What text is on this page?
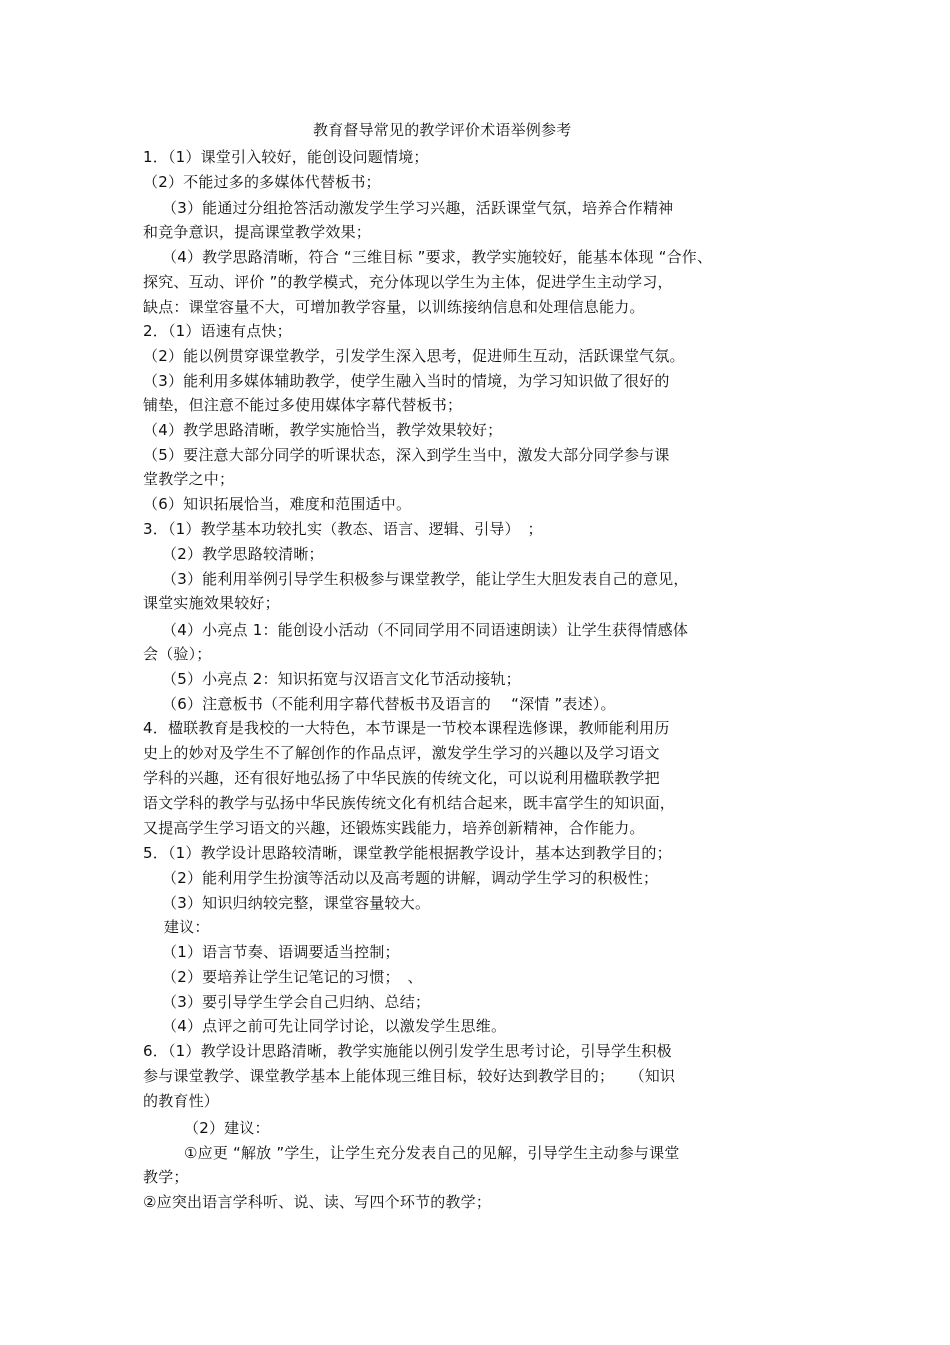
教育督导常见的教学评价术语举例参考

1．（1）课堂引入较好，能创设问题情境；

（2）不能过多的多媒体代替板书；

（3）能通过分组抢答活动激发学生学习兴趣，活跃课堂气氛，培养合作精神

和竞争意识，提高课堂教学效果；

（4）教学思路清晰，符合 “三维目标 ”要求，教学实施较好，能基本体现 “合作、

探究、互动、评价 ”的教学模式，充分体现以学生为主体，促进学生主动学习，

缺点：课堂容量不大，可增加教学容量，以训练接纳信息和处理信息能力。

2．（1）语速有点快；

（2）能以例贯穿课堂教学，引发学生深入思考，促进师生互动，活跃课堂气氛。

（3）能利用多媒体辅助教学，使学生融入当时的情境，为学习知识做了很好的

铺垫，但注意不能过多使用媒体字幕代替板书；

（4）教学思路清晰，教学实施恰当，教学效果较好；

（5）要注意大部分同学的听课状态，深入到学生当中，激发大部分同学参与课

堂教学之中；

（6）知识拓展恰当，难度和范围适中。

3．（1）教学基本功较扎实（教态、语言、逻辑、引导）　；

（2）教学思路较清晰；

（3）能利用举例引导学生积极参与课堂教学，能让学生大胆发表自己的意见，

课堂实施效果较好；

（4）小亮点 1：能创设小活动（不同同学用不同语速朗读）让学生获得情感体

会（验）；

（5）小亮点 2：知识拓宽与汉语言文化节活动接轨；

（6）注意板书（不能利用字幕代替板书及语言的　 “深情 ”表述）。

4．楹联教育是我校的一大特色，本节课是一节校本课程选修课，教师能利用历

史上的妙对及学生不了解创作的作品点评，激发学生学习的兴趣以及学习语文

学科的兴趣，还有很好地弘扬了中华民族的传统文化，可以说利用楹联教学把

语文学科的教学与弘扬中华民族传统文化有机结合起来，既丰富学生的知识面，

又提高学生学习语文的兴趣，还锻炼实践能力，培养创新精神，合作能力。

5．（1）教学设计思路较清晰，课堂教学能根据教学设计，基本达到教学目的；

（2）能利用学生扮演等活动以及高考题的讲解，调动学生学习的积极性；

（3）知识归纳较完整，课堂容量较大。

建议：

（1）语言节奏、语调要适当控制；

（2）要培养让学生记笔记的习惯；　、

（3）要引导学生学会自己归纳、总结；

（4）点评之前可先让同学讨论，以激发学生思维。

6．（1）教学设计思路清晰，教学实施能以例引发学生思考讨论，引导学生积极

参与课堂教学、课堂教学基本上能体现三维目标，较好达到教学目的；　　（知识

的教育性）

（2）建议：

①应更 “解放 ”学生，让学生充分发表自己的见解，引导学生主动参与课堂

教学；

②应突出语言学科听、说、读、写四个环节的教学；
